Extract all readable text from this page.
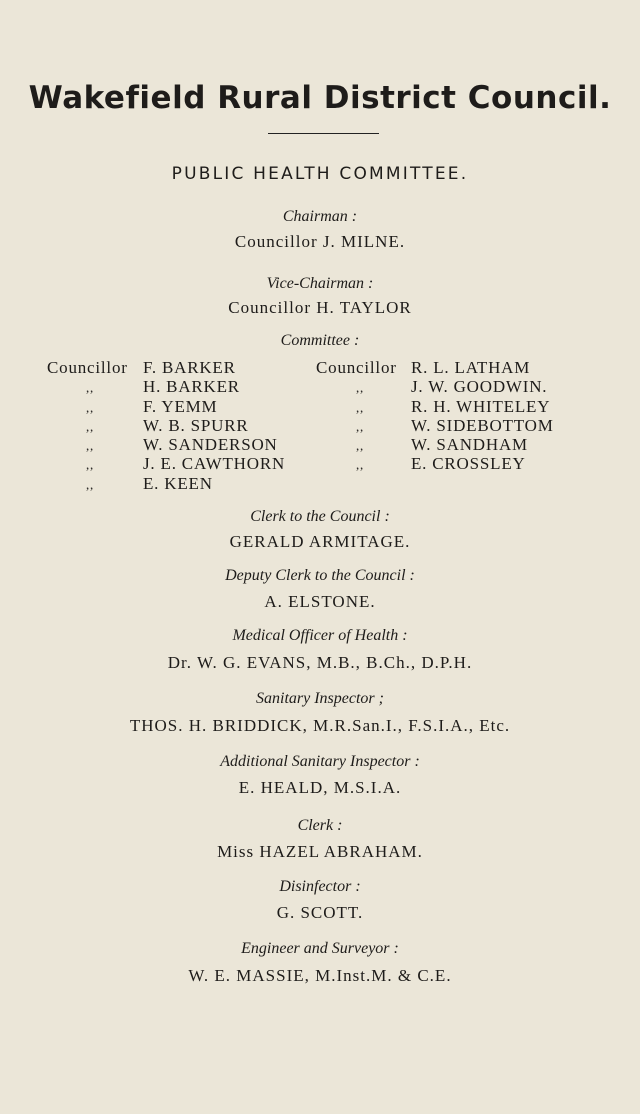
Wakefield Rural District Council.
PUBLIC HEALTH COMMITTEE.
Chairman :
Councillor J. MILNE.
Vice-Chairman :
Councillor H. TAYLOR
Committee :
Councillor
,,
,,
,,
,,
,,
,,
F. BARKER
H. BARKER
F. YEMM
W. B. SPURR
W. SANDERSON
J. E. CAWTHORN
E. KEEN
Councillor
,,
,,
,,
,,
,,
R. L. LATHAM
J. W. GOODWIN.
R. H. WHITELEY
W. SIDEBOTTOM
W. SANDHAM
E. CROSSLEY
Clerk to the Council :
GERALD ARMITAGE.
Deputy Clerk to the Council :
A. ELSTONE.
Medical Officer of Health :
Dr. W. G. EVANS, M.B., B.Ch., D.P.H.
Sanitary Inspector ;
THOS. H. BRIDDICK, M.R.San.I., F.S.I.A., Etc.
Additional Sanitary Inspector :
E. HEALD, M.S.I.A.
Clerk :
Miss HAZEL ABRAHAM.
Disinfector :
G. SCOTT.
Engineer and Surveyor :
W. E. MASSIE, M.Inst.M. & C.E.
